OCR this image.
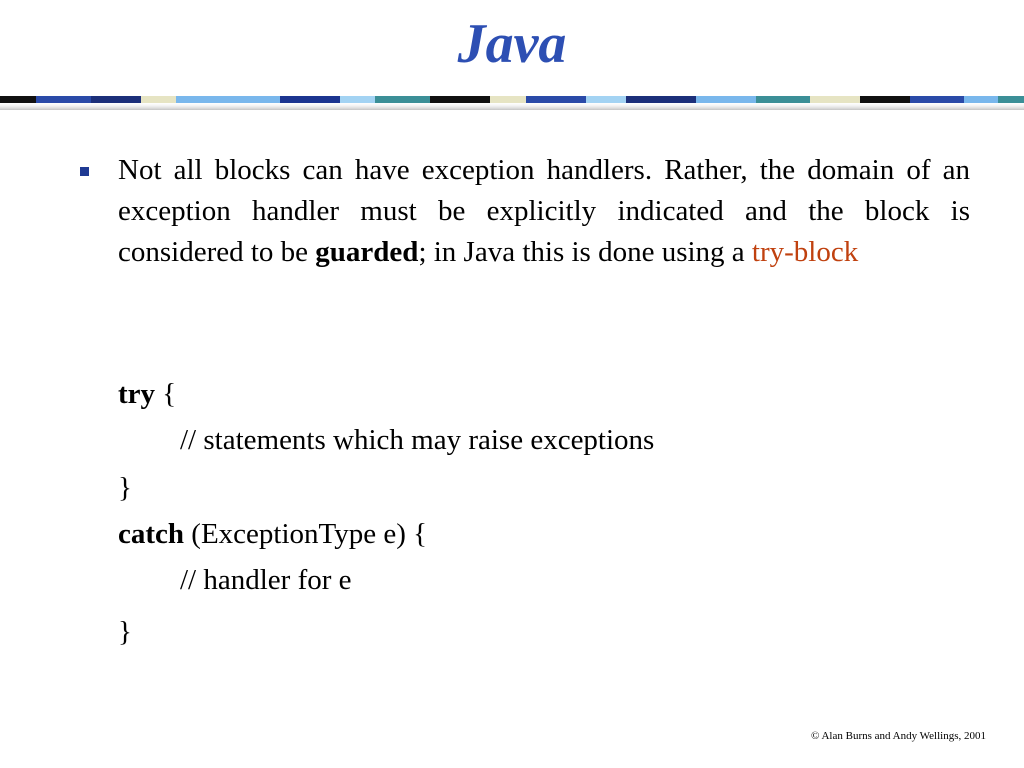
Java
Not all blocks can have exception handlers. Rather, the domain of an exception handler must be explicitly indicated and the block is considered to be guarded; in Java this is done using a try-block
try {
// statements which may raise exceptions
}
catch (ExceptionType e) {
// handler for e
}
© Alan Burns and Andy Wellings, 2001
